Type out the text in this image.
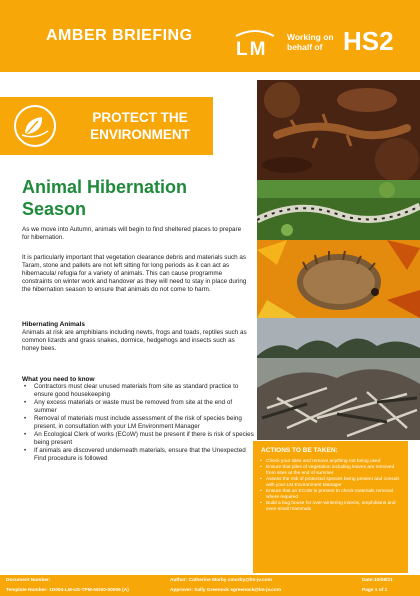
AMBER BRIEFING
LM
Working on
behalf of HS2
PROTECT THE
ENVIRONMENT
Animal Hibernation
Season
As we move into Autumn, animals will begin to find sheltered places to prepare for hibernation.
It is particularly important that vegetation clearance debris and materials such as Taram, stone and pallets are not left sitting for long periods as it can act as hibernacula/ refugia for a variety of animals. This can cause programme constraints on winter work and handover as they will need to stay in place during the hibernation season to ensure that animals do not come to harm.
Hibernating Animals
Animals at risk are amphibians including newts, frogs and toads, reptiles such as common lizards and grass snakes, dormice, hedgehogs and insects such as honey bees.
What you need to know
• Contractors must clear unused materials from site as standard practice to ensure good housekeeping
• Any excess materials or waste must be removed from site at the end of summer
• Removal of materials must include assessment of the risk of species being present, in consultation with your LM Environment Manager
• An Ecological Clerk of works (ECoW) must be present if there is risk of species being present
• If animals are discovered underneath materials, ensure that the Unexpected Find procedure is followed
ACTIONS TO BE TAKEN:
• Check your sites and remove anything not being used
• Ensure that piles of vegetation including leaves are removed from sites at the end of summer
• Assess the risk of protected species being present and consult with your LM Environment Manager
• Ensure that an ECoW is present to check materials removal where required
• Build a bug house for over-wintering insects, amphibians and even small mammals
Document Number:
Template Number: 1D004-LM-US-TPM-NO00-00006 (A)
Author: Catherine Morby cmorby@lm-jv.com
Approver: Sally Greenock sgreenock@lm-jv.com
Date:10/08/21
Page 1 of 1
